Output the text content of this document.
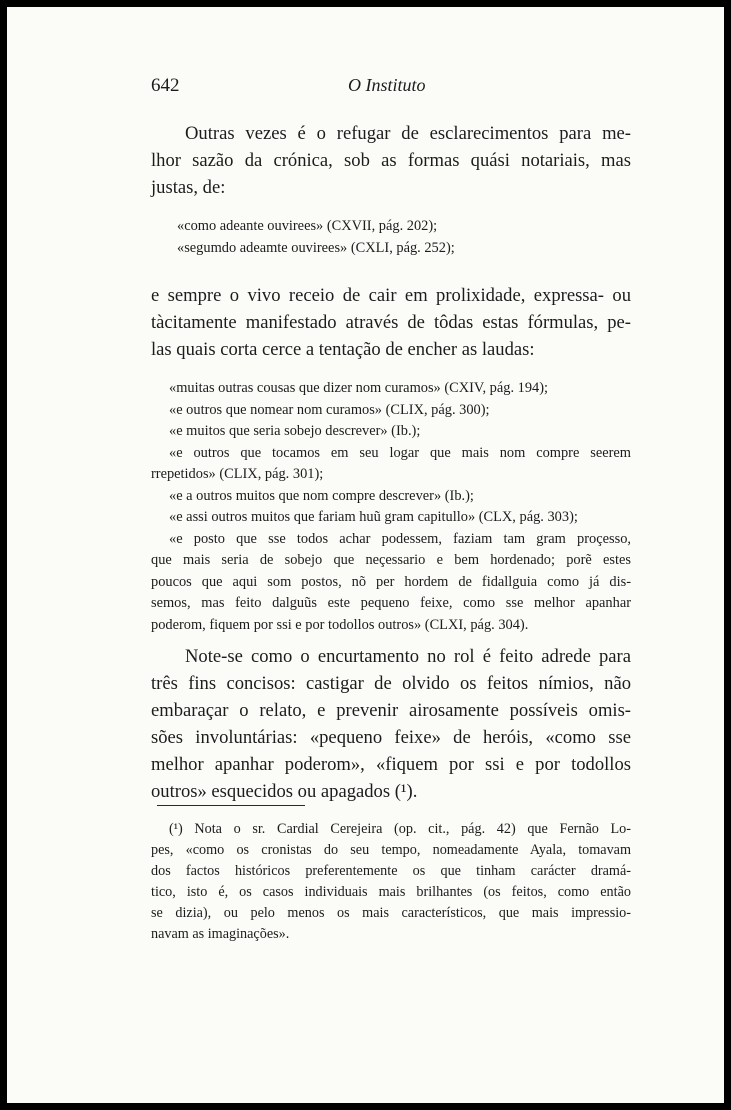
642	O Instituto
Outras vezes é o refugar de esclarecimentos para me-
lhor sazão da crónica, sob as formas quási notariais, mas
justas, de:
«como adeante ouvirees» (CXVII, pág. 202);
«segumdo adeamte ouvirees» (CXLI, pág. 252);
e sempre o vivo receio de cair em prolixidade, expressa- ou
tàcitamente manifestado através de tôdas estas fórmulas, pe-
las quais corta cerce a tentação de encher as laudas:
«muitas outras cousas que dizer nom curamos» (CXIV, pág. 194);
«e outros que nomear nom curamos» (CLIX, pág. 300);
«e muitos que seria sobejo descrever» (Ib.);
«e outros que tocamos em seu logar que mais nom compre seerem
rrepetidos» (CLIX, pág. 301);
«e a outros muitos que nom compre descrever» (Ib.);
«e assi outros muitos que fariam huũ gram capitullo» (CLX, pág. 303);
«e posto que sse todos achar podessem, faziam tam gram proçesso,
que mais seria de sobejo que neçessario e bem hordenado; porẽ estes
poucos que aqui som postos, nõ per hordem de fidallguia como já dis-
semos, mas feito dalguũs este pequeno feixe, como sse melhor apanhar
poderom, fiquem por ssi e por todollos outros» (CLXI, pág. 304).
Note-se como o encurtamento no rol é feito adrede para
três fins concisos: castigar de olvido os feitos nímios, não
embaraçar o relato, e prevenir airosamente possíveis omis-
sões involuntárias: «pequeno feixe» de heróis, «como sse
melhor apanhar poderom», «fiquem por ssi e por todollos
outros» esquecidos ou apagados (¹).
(¹) Nota o sr. Cardial Cerejeira (op. cit., pág. 42) que Fernão Lo-
pes, «como os cronistas do seu tempo, nomeadamente Ayala, tomavam
dos factos históricos preferentemente os que tinham carácter dramá-
tico, isto é, os casos individuais mais brilhantes (os feitos, como então
se dizia), ou pelo menos os mais característicos, que mais impressio-
navam as imaginações».
